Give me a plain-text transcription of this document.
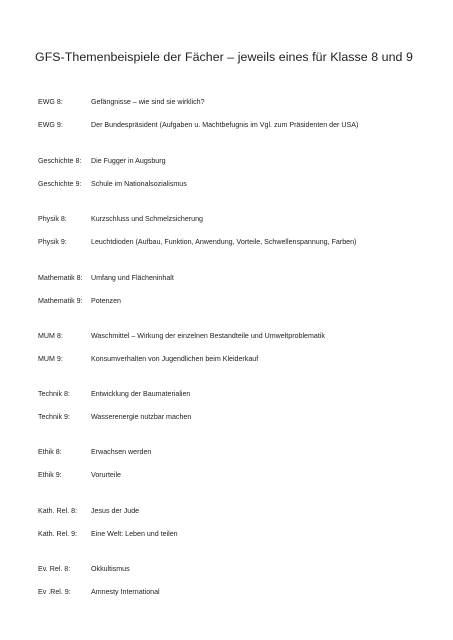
GFS-Themenbeispiele der Fächer – jeweils eines für Klasse 8 und 9
EWG 8:	Gefängnisse – wie sind sie wirklich?
EWG 9:	Der Bundespräsident (Aufgaben u. Machtbefugnis im Vgl. zum Präsidenten der USA)
Geschichte 8: Die Fugger in Augsburg
Geschichte 9: Schule im Nationalsozialismus
Physik 8:	Kurzschluss und Schmelzsicherung
Physik 9:	Leuchtdioden (Aufbau, Funktion, Anwendung, Vorteile, Schwellenspannung, Farben)
Mathematik 8: Umfang und Flächeninhalt
Mathematik 9: Potenzen
MUM 8:	Waschmittel – Wirkung der einzelnen Bestandteile und Umweltproblematik
MUM 9:	Konsumverhalten von Jugendlichen beim Kleiderkauf
Technik 8:	Entwicklung der Baumaterialien
Technik 9:	Wasserenergie nutzbar machen
Ethik 8:	Erwachsen werden
Ethik 9:	Vorurteile
Kath. Rel. 8: Jesus der Jude
Kath. Rel. 9: Eine Welt: Leben und teilen
Ev. Rel. 8:	Okkultismus
Ev .Rel. 9:	Amnesty International
